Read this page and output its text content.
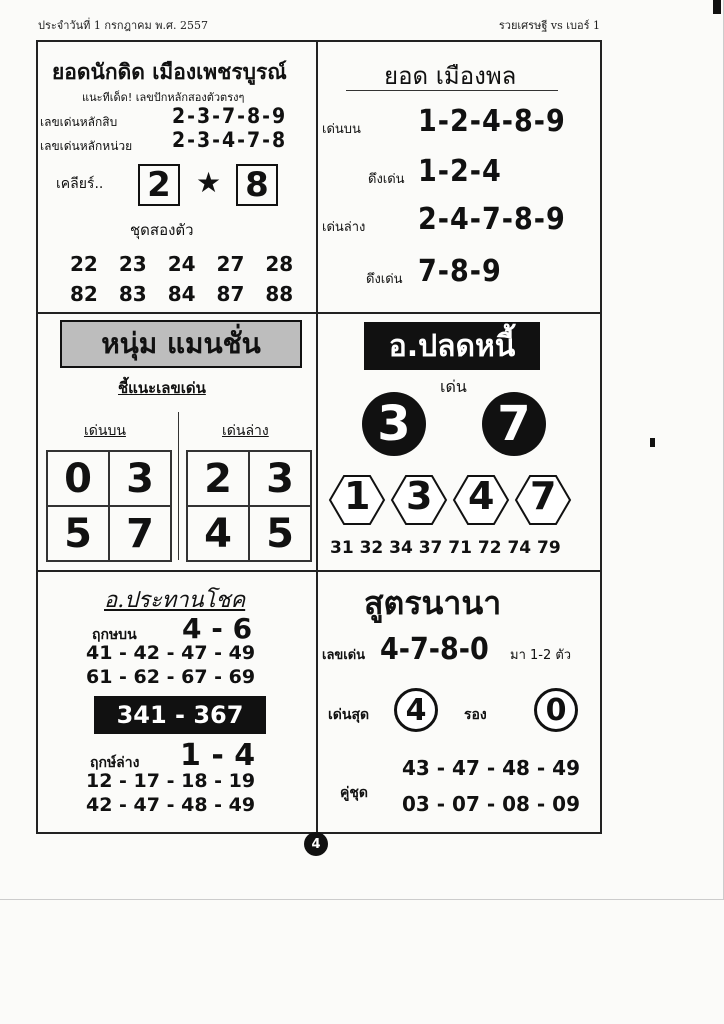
ประจำวันที่ 1 กรกฎาคม พ.ศ. 2557	รวยเศรษฐี vs เบอร์ 1
ยอดนักดิด เมืองเพชรบูรณ์
แนะทีเด็ด! เลขปักหลักสองตัวตรงๆ
เลขเด่นหลักสิบ	2-3-7-8-9
เลขเด่นหลักหน่วย 2-3-4-7-8
เคลียร์.. 2 ★ 8
ชุดสองตัว
22 23 24 27 28
82 83 84 87 88
ยอด เมืองพล
เด่นบน 1-2-4-8-9
ดึงเด่น 1-2-4
เด่นล่าง 2-4-7-8-9
ดึงเด่น 7-8-9
หนุ่ม แมนชั่น
ชี้แนะเลขเด่น
เด่นบน	เด่นล่าง
0 3
5 7
2 3
4 5
อ.ปลดหนี้
เด่น
3	7
1 3 4 7
31 32 34 37 71 72 74 79
อ.ประทานโชค
ฤกษบน 4 - 6
41 - 42 - 47 - 49
61 - 62 - 67 - 69
341 - 367
ฤกษ์ล่าง 1 - 4
12 - 17 - 18 - 19
42 - 47 - 48 - 49
สูตรนานา
เลขเด่น 4-7-8-0 มา 1-2 ตัว
เด่นสุด	4	รอง	0
43 - 47 - 48 - 49
คู่ชุด 03 - 07 - 08 - 09
4
